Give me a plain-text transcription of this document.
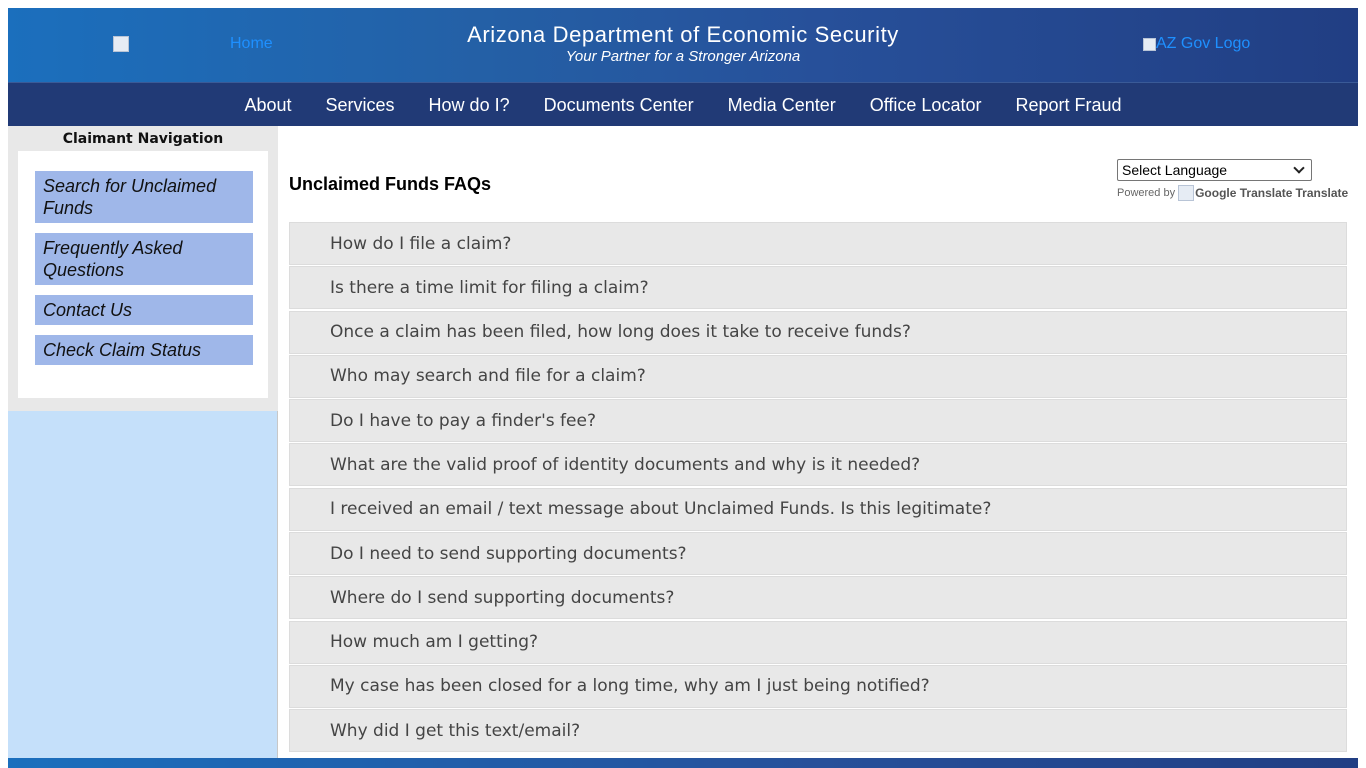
Home	Arizona Department of Economic Security
Your Partner for a Stronger Arizona
AZ Gov Logo
About	Services	How do I?	Documents Center	Media Center	Office Locator	Report Fraud
Claimant Navigation
Search for Unclaimed Funds
Frequently Asked Questions
Contact Us
Check Claim Status
Unclaimed Funds FAQs
Select Language
Powered by Google Translate
Translate
How do I file a claim?
Is there a time limit for filing a claim?
Once a claim has been filed, how long does it take to receive funds?
Who may search and file for a claim?
Do I have to pay a finder's fee?
What are the valid proof of identity documents and why is it needed?
I received an email / text message about Unclaimed Funds. Is this legitimate?
Do I need to send supporting documents?
Where do I send supporting documents?
How much am I getting?
My case has been closed for a long time, why am I just being notified?
Why did I get this text/email?
